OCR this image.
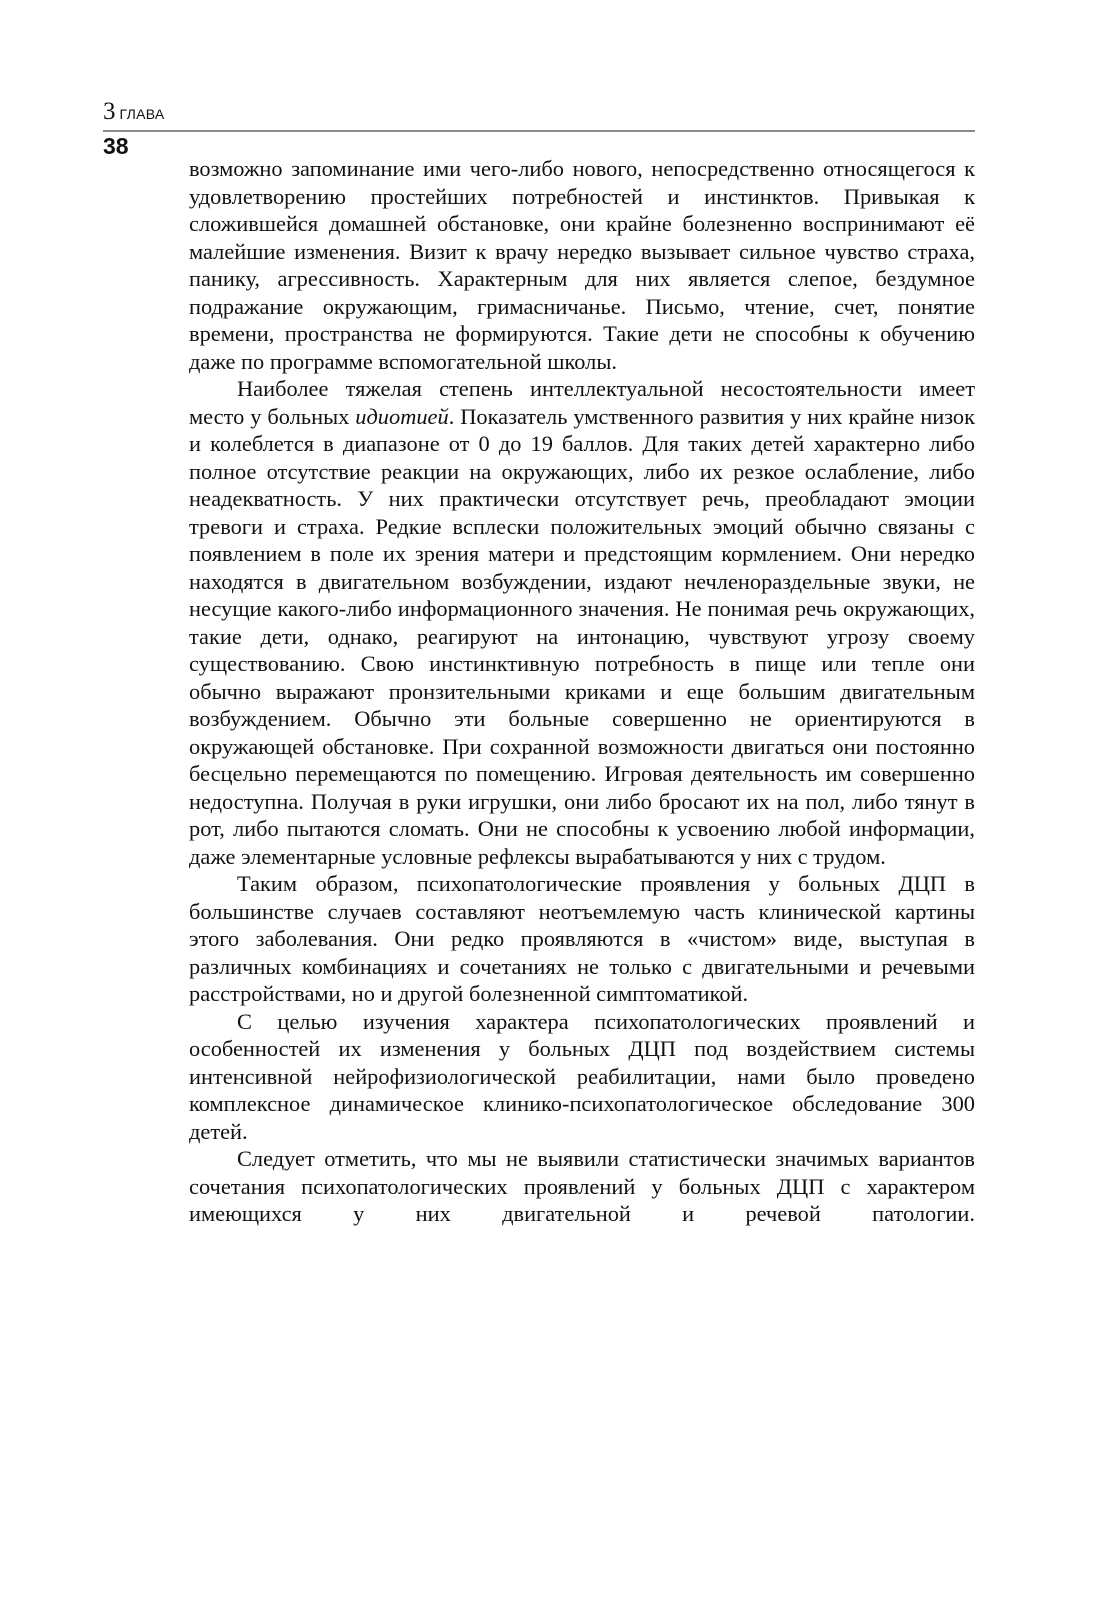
3 ГЛАВА
38

возможно запоминание ими чего-либо нового, непосредственно относящегося к удовлетворению простейших потребностей и инстинктов. Привыкая к сложившейся домашней обстановке, они крайне болезненно воспринимают её малейшие изменения. Визит к врачу нередко вызывает сильное чувство страха, панику, агрессивность. Характерным для них является слепое, бездумное подражание окружающим, гримасничанье. Письмо, чтение, счет, понятие времени, пространства не формируются. Такие дети не способны к обучению даже по программе вспомогательной школы.

Наиболее тяжелая степень интеллектуальной несостоятельности имеет место у больных идиотией. Показатель умственного развития у них крайне низок и колеблется в диапазоне от 0 до 19 баллов. Для таких детей характерно либо полное отсутствие реакции на окружающих, либо их резкое ослабление, либо неадекватность. У них практически отсутствует речь, преобладают эмоции тревоги и страха. Редкие всплески положительных эмоций обычно связаны с появлением в поле их зрения матери и предстоящим кормлением. Они нередко находятся в двигательном возбуждении, издают нечленораздельные звуки, не несущие какого-либо информационного значения. Не понимая речь окружающих, такие дети, однако, реагируют на интонацию, чувствуют угрозу своему существованию. Свою инстинктивную потребность в пище или тепле они обычно выражают пронзительными криками и еще большим двигательным возбуждением. Обычно эти больные совершенно не ориентируются в окружающей обстановке. При сохранной возможности двигаться они постоянно бесцельно перемещаются по помещению. Игровая деятельность им совершенно недоступна. Получая в руки игрушки, они либо бросают их на пол, либо тянут в рот, либо пытаются сломать. Они не способны к усвоению любой информации, даже элементарные условные рефлексы вырабатываются у них с трудом.

Таким образом, психопатологические проявления у больных ДЦП в большинстве случаев составляют неотъемлемую часть клинической картины этого заболевания. Они редко проявляются в «чистом» виде, выступая в различных комбинациях и сочетаниях не только с двигательными и речевыми расстройствами, но и другой болезненной симптоматикой.

С целью изучения характера психопатологических проявлений и особенностей их изменения у больных ДЦП под воздействием системы интенсивной нейрофизиологической реабилитации, нами было проведено комплексное динамическое клинико-психопатологическое обследование 300 детей.

Следует отметить, что мы не выявили статистически значимых вариантов сочетания психопатологических проявлений у больных ДЦП с характером имеющихся у них двигательной и речевой патологии.
